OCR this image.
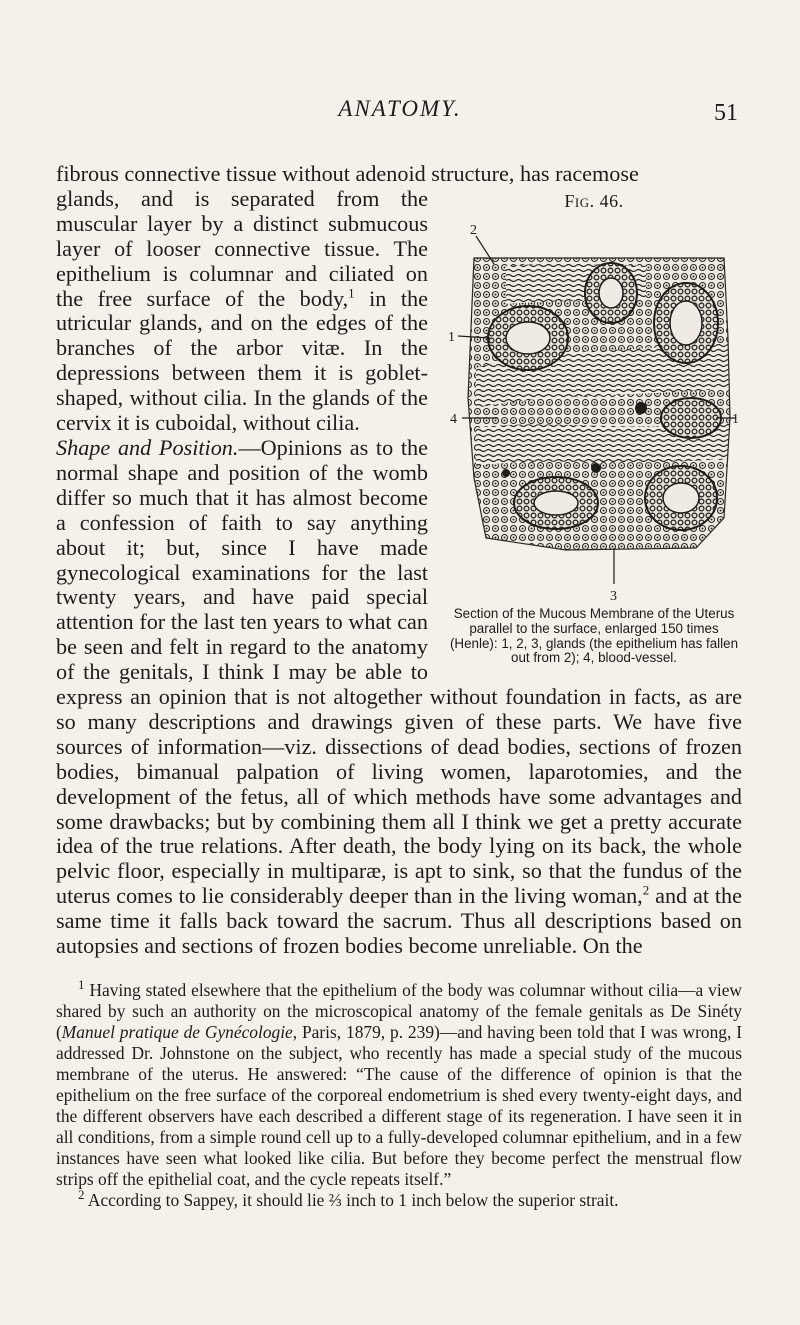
ANATOMY.	51
fibrous connective tissue without adenoid structure, has racemose
Fig. 46.
2
1
4	1
3
Section of the Mucous Membrane of the Uterus parallel to the surface, enlarged 150 times (Henle): 1, 2, 3, glands (the epithelium has fallen out from 2); 4, blood-vessel.

glands, and is separated from the muscular layer by a distinct submucous layer of looser connective tissue. The epithelium is columnar and ciliated on the free surface of the body,$^1$ in the utricular glands, and on the edges of the branches of the arbor vitæ. In the depressions between them it is goblet-shaped, without cilia. In the glands of the cervix it is cuboidal, without cilia.

Shape and Position.—Opinions as to the normal shape and position of the womb differ so much that it has almost become a confession of faith to say anything about it; but, since I have made gynecological examinations for the last twenty years, and have paid special attention for the last ten years to what can be seen and felt in regard to the anatomy of the genitals, I think I may be able to express an opinion that is not altogether without foundation in facts, as are so many descriptions and drawings given of these parts. We have five sources of information—viz. dissections of dead bodies, sections of frozen bodies, bimanual palpation of living women, laparotomies, and the development of the fetus, all of which methods have some advantages and some drawbacks; but by combining them all I think we get a pretty accurate idea of the true relations. After death, the body lying on its back, the whole pelvic floor, especially in multiparæ, is apt to sink, so that the fundus of the uterus comes to lie considerably deeper than in the living woman,$^2$ and at the same time it falls back toward the sacrum. Thus all descriptions based on autopsies and sections of frozen bodies become unreliable. On the

$^1$ Having stated elsewhere that the epithelium of the body was columnar without cilia—a view shared by such an authority on the microscopical anatomy of the female genitals as De Sinéty (Manuel pratique de Gynécologie, Paris, 1879, p. 239)—and having been told that I was wrong, I addressed Dr. Johnstone on the subject, who recently has made a special study of the mucous membrane of the uterus. He answered: “The cause of the difference of opinion is that the epithelium on the free surface of the corporeal endometrium is shed every twenty-eight days, and the different observers have each described a different stage of its regeneration. I have seen it in all conditions, from a simple round cell up to a fully-developed columnar epithelium, and in a few instances have seen what looked like cilia. But before they become perfect the menstrual flow strips off the epithelial coat, and the cycle repeats itself.”

$^2$ According to Sappey, it should lie ⅔ inch to 1 inch below the superior strait.
